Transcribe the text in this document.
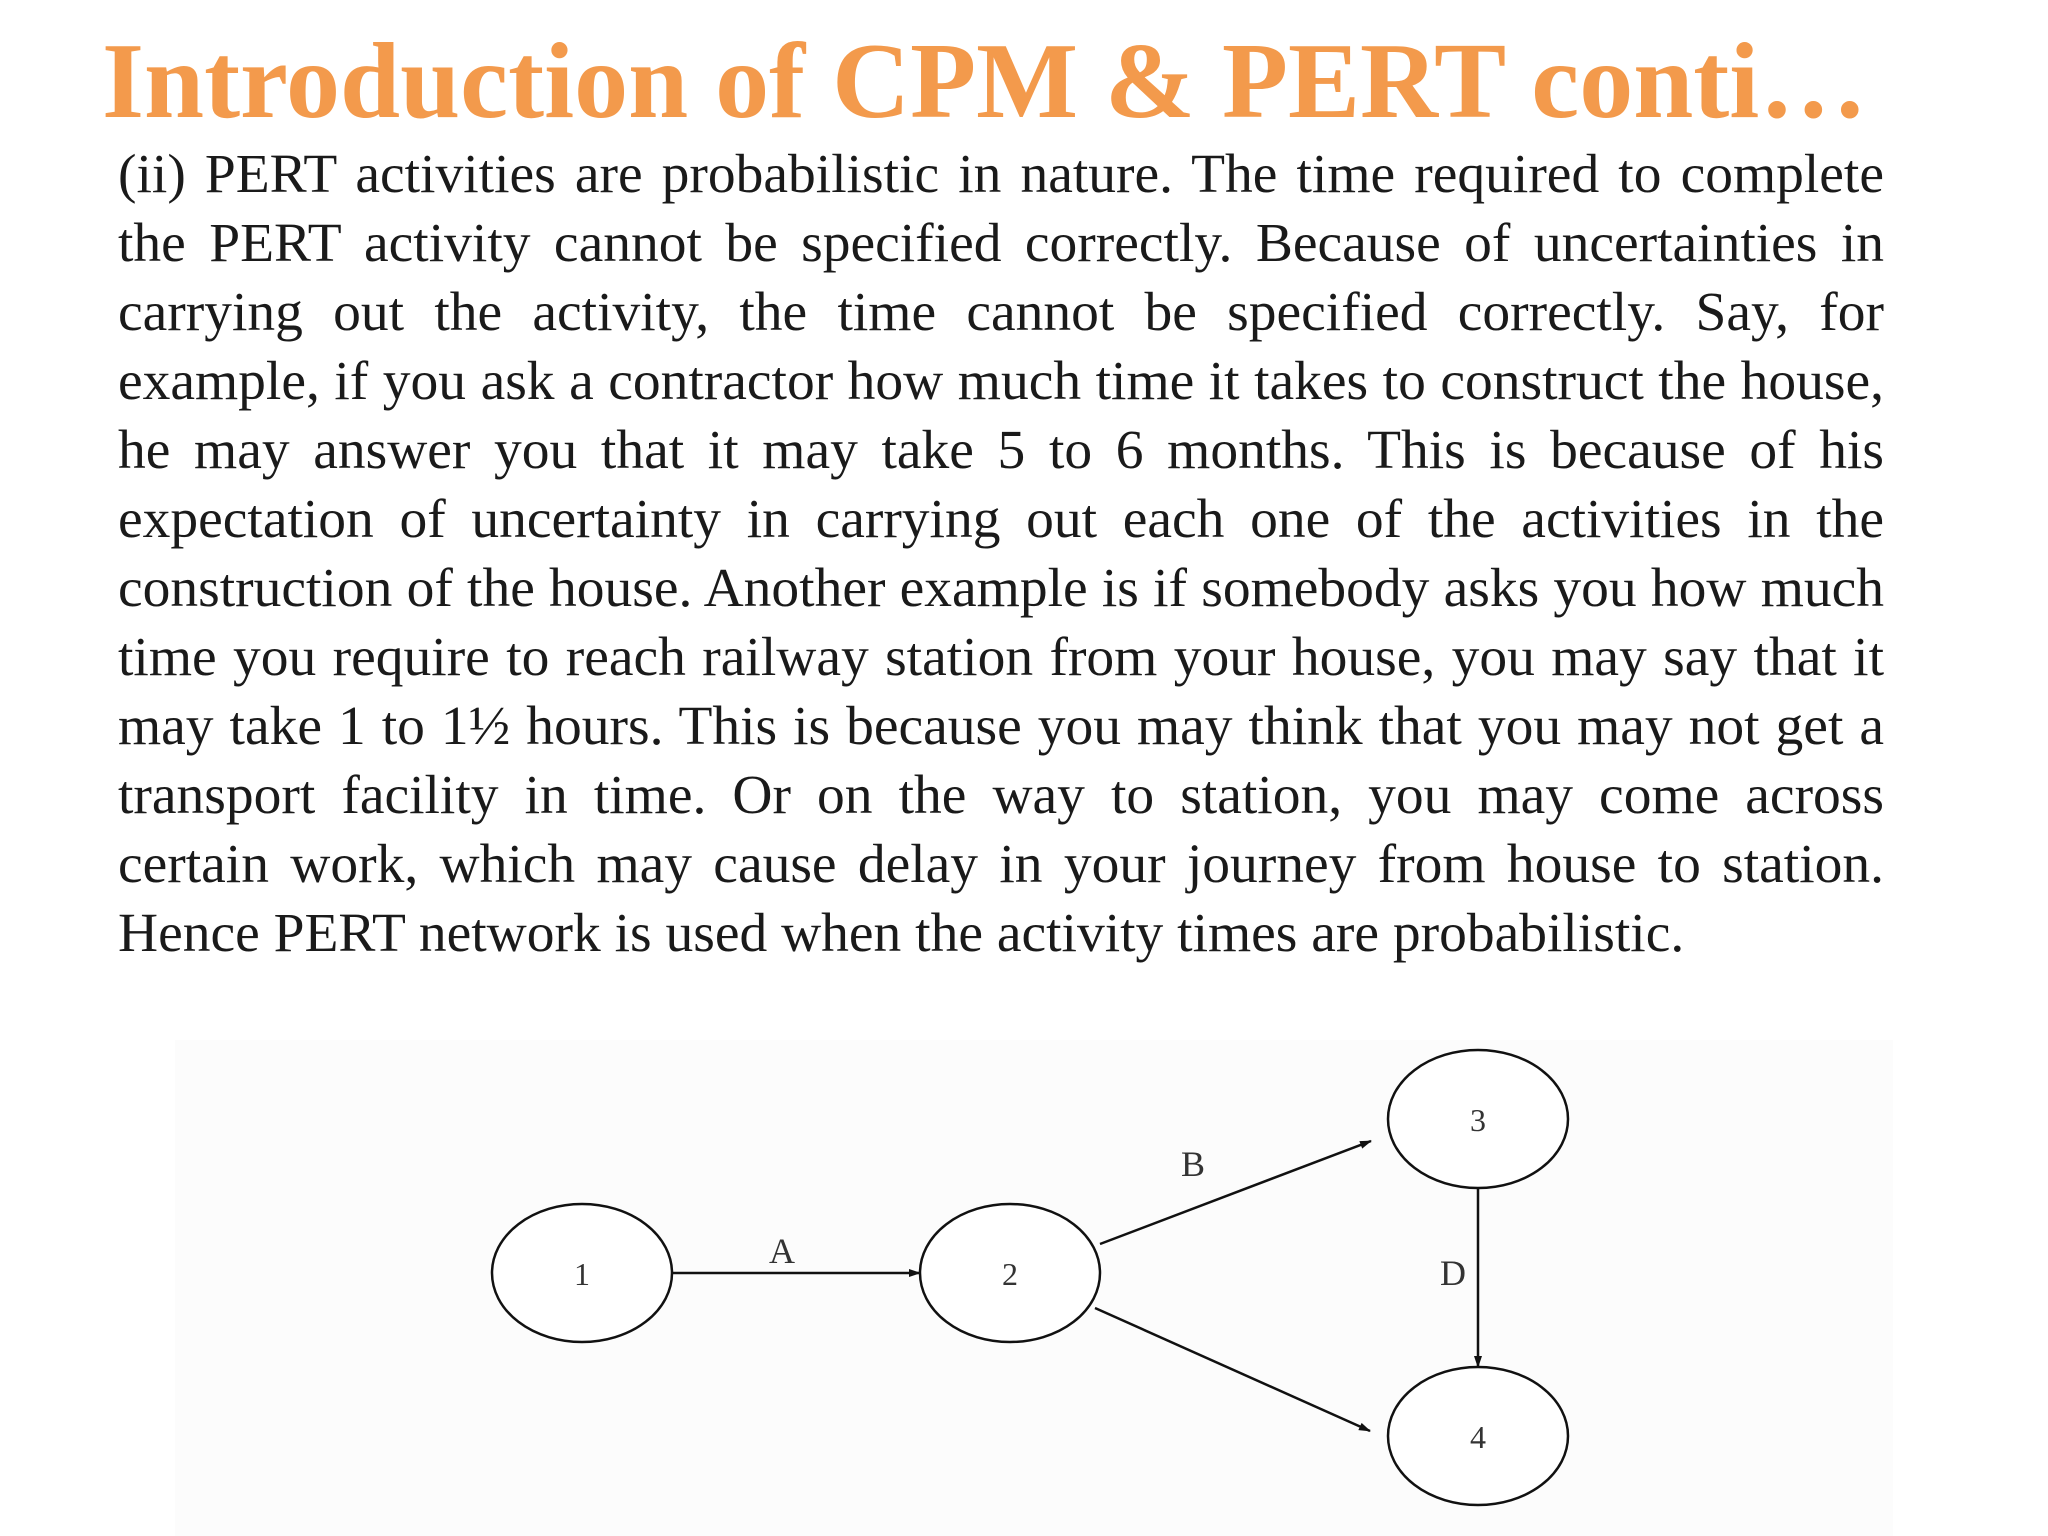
Introduction of CPM & PERT conti…

(ii) PERT activities are probabilistic in nature. The time required to complete the PERT activity cannot be specified correctly. Because of uncertainties in carrying out the activity, the time cannot be specified correctly. Say, for example, if you ask a contractor how much time it takes to construct the house, he may answer you that it may take 5 to 6 months. This is because of his expectation of uncertainty in carrying out each one of the activities in the construction of the house. Another example is if somebody asks you how much time you require to reach railway station from your house, you may say that it may take 1 to 1½ hours. This is because you may think that you may not get a transport facility in time. Or on the way to station, you may come across certain work, which may cause delay in your journey from house to station. Hence PERT network is used when the activity times are probabilistic.

A
B
D
1	2
3
4
